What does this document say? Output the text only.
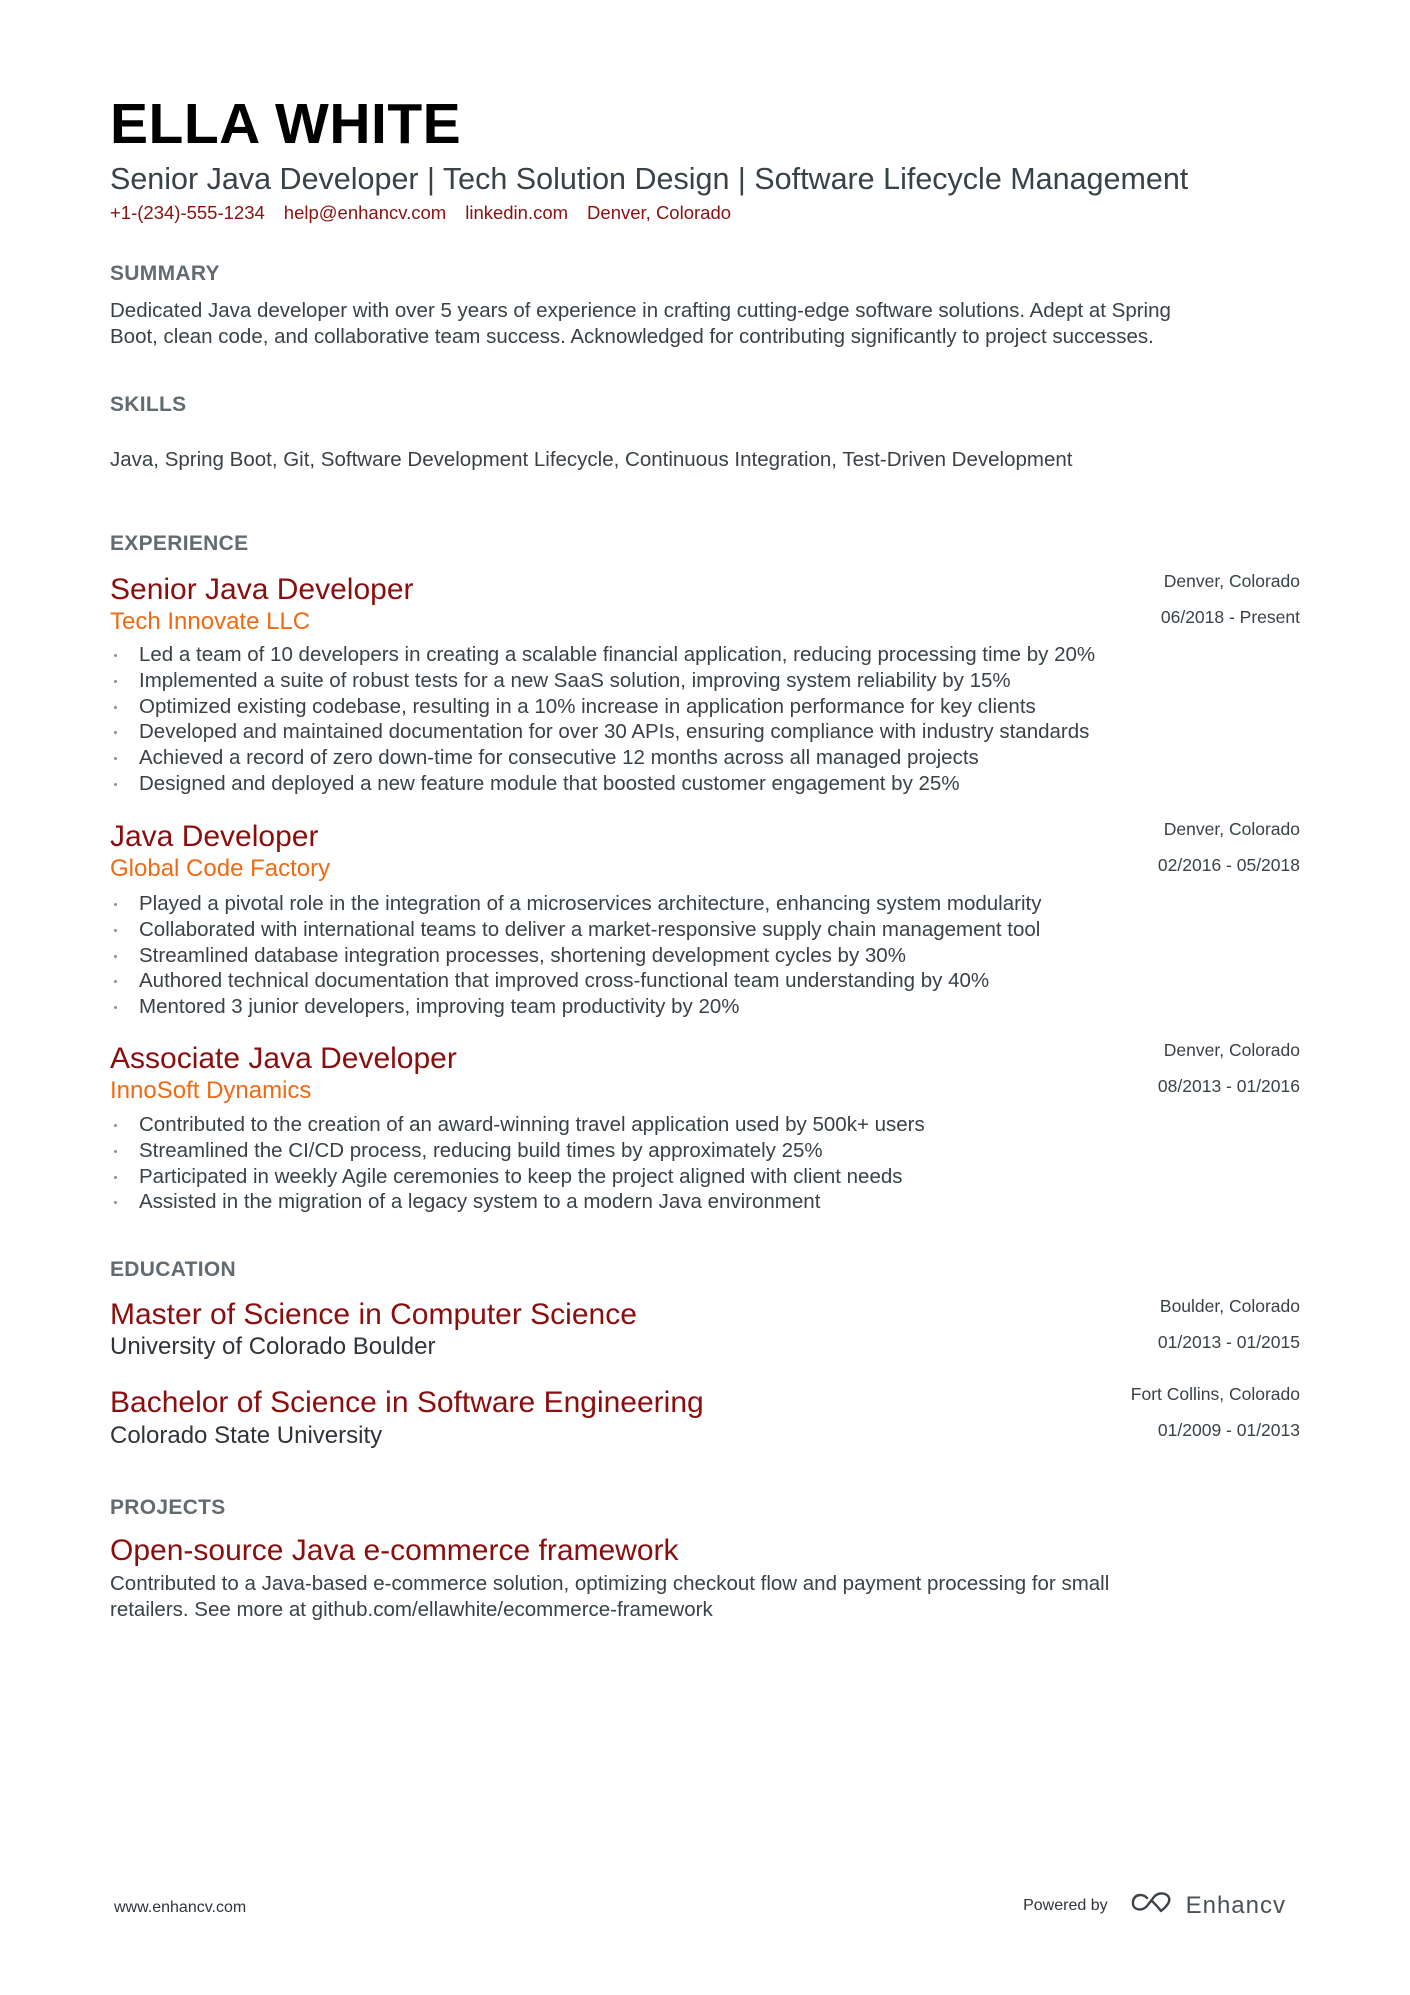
ELLA WHITE
Senior Java Developer | Tech Solution Design | Software Lifecycle Management
+1-(234)-555-1234 help@enhancv.com linkedin.com Denver, Colorado
SUMMARY
Dedicated Java developer with over 5 years of experience in crafting cutting-edge software solutions. Adept at Spring
Boot, clean code, and collaborative team success. Acknowledged for contributing significantly to project successes.
SKILLS
Java, Spring Boot, Git, Software Development Lifecycle, Continuous Integration, Test-Driven Development
EXPERIENCE
Senior Java Developer
Tech Innovate LLC
Denver, Colorado
06/2018 - Present
Led a team of 10 developers in creating a scalable financial application, reducing processing time by 20%
Implemented a suite of robust tests for a new SaaS solution, improving system reliability by 15%
Optimized existing codebase, resulting in a 10% increase in application performance for key clients
Developed and maintained documentation for over 30 APIs, ensuring compliance with industry standards
Achieved a record of zero down-time for consecutive 12 months across all managed projects
Designed and deployed a new feature module that boosted customer engagement by 25%
Java Developer
Global Code Factory
Denver, Colorado
02/2016 - 05/2018
Played a pivotal role in the integration of a microservices architecture, enhancing system modularity
Collaborated with international teams to deliver a market-responsive supply chain management tool
Streamlined database integration processes, shortening development cycles by 30%
Authored technical documentation that improved cross-functional team understanding by 40%
Mentored 3 junior developers, improving team productivity by 20%
Associate Java Developer
InnoSoft Dynamics
Denver, Colorado
08/2013 - 01/2016
Contributed to the creation of an award-winning travel application used by 500k+ users
Streamlined the CI/CD process, reducing build times by approximately 25%
Participated in weekly Agile ceremonies to keep the project aligned with client needs
Assisted in the migration of a legacy system to a modern Java environment
EDUCATION
Master of Science in Computer Science
University of Colorado Boulder
Boulder, Colorado
01/2013 - 01/2015
Bachelor of Science in Software Engineering
Colorado State University
Fort Collins, Colorado
01/2009 - 01/2013
PROJECTS
Open-source Java e-commerce framework
Contributed to a Java-based e-commerce solution, optimizing checkout flow and payment processing for small
retailers. See more at github.com/ellawhite/ecommerce-framework
www.enhancv.com	Powered by	Enhancv
